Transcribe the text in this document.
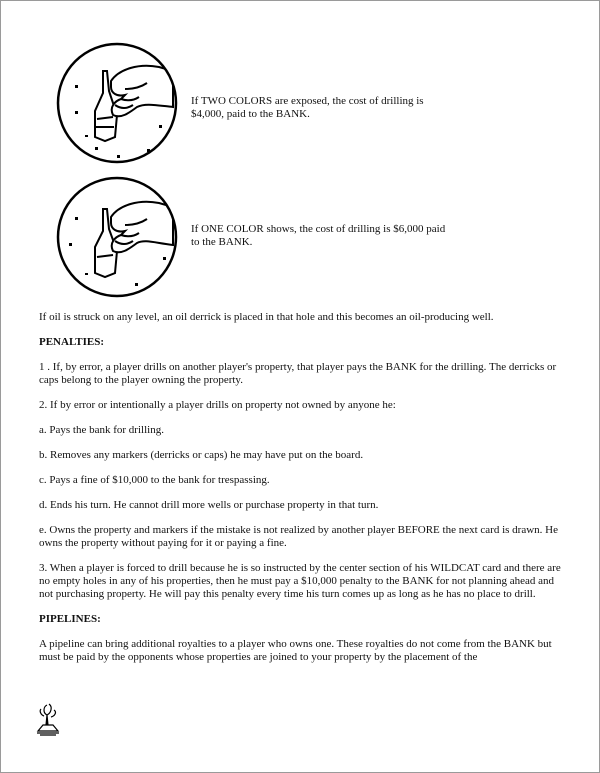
If TWO COLORS are exposed, the cost of drilling is $4,000, paid to the BANK.
If ONE COLOR shows, the cost of drilling is $6,000 paid to the BANK.

If oil is struck on any level, an oil derrick is placed in that hole and this becomes an oil-producing well.

PENALTIES:

1 . If, by error, a player drills on another player's property, that player pays the BANK for the drilling. The derricks or caps belong to the player owning the property.

2. If by error or intentionally a player drills on property not owned by anyone he:

a. Pays the bank for drilling.

b. Removes any markers (derricks or caps) he may have put on the board.

c. Pays a fine of $10,000 to the bank for trespassing.

d. Ends his turn. He cannot drill more wells or purchase property in that turn.

e. Owns the property and markers if the mistake is not realized by another player BEFORE the next card is drawn. He owns the property without paying for it or paying a fine.

3. When a player is forced to drill because he is so instructed by the center section of his WILDCAT card and there are no empty holes in any of his properties, then he must pay a $10,000 penalty to the BANK for not planning ahead and not purchasing property. He will pay this penalty every time his turn comes up as long as he has no place to drill.

PIPELINES:

A pipeline can bring additional royalties to a player who owns one. These royalties do not come from the BANK but must be paid by the opponents whose properties are joined to your property by the placement of the
